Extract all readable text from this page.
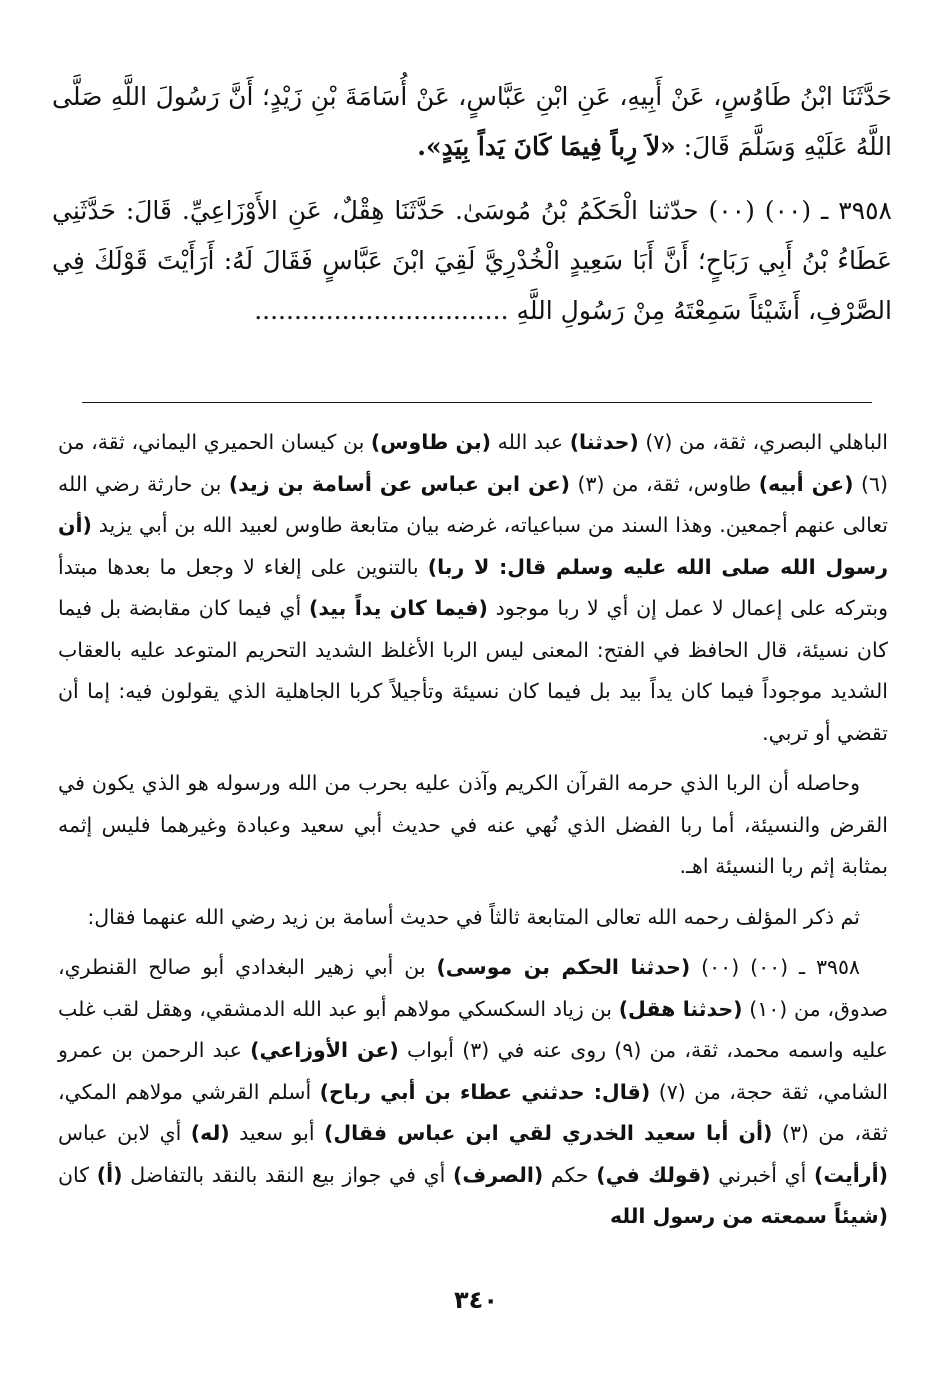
حَدَّثَنَا ابْنُ طَاوُسٍ، عَنْ أَبِيهِ، عَنِ ابْنِ عَبَّاسٍ، عَنْ أُسَامَةَ بْنِ زَيْدٍ؛ أَنَّ رَسُولَ اللَّهِ صَلَّى اللَّهُ عَلَيْهِ وَسَلَّمَ قَالَ: «لاَ رِباً فِيمَا كَانَ يَداً بِيَدٍ».

٣٩٥٨ ـ (٠٠) (٠٠) حدّثنا الْحَكَمُ بْنُ مُوسَىٰ. حَدَّثَنَا هِقْلٌ، عَنِ الأَوْزَاعِيِّ. قَالَ: حَدَّثَنِي عَطَاءُ بْنُ أَبِي رَبَاحٍ؛ أَنَّ أَبَا سَعِيدٍ الْخُدْرِيَّ لَقِيَ ابْنَ عَبَّاسٍ فَقَالَ لَهُ: أَرَأَيْتَ قَوْلَكَ فِي الصَّرْفِ، أَشَيْئاً سَمِعْتَهُ مِنْ رَسُولِ اللَّهِ ................................

الباهلي البصري، ثقة، من (٧) (حدثنا) عبد الله (بن طاوس) بن كيسان الحميري اليماني، ثقة، من (٦) (عن أبيه) طاوس، ثقة، من (٣) (عن ابن عباس عن أسامة بن زيد) بن حارثة رضي الله تعالى عنهم أجمعين. وهذا السند من سباعياته، غرضه بيان متابعة طاوس لعبيد الله بن أبي يزيد (أن رسول الله صلى الله عليه وسلم قال: لا ربا) بالتنوين على إلغاء لا وجعل ما بعدها مبتدأ وبتركه على إعمال لا عمل إن أي لا ربا موجود (فيما كان يداً بيد) أي فيما كان مقابضة بل فيما كان نسيئة، قال الحافظ في الفتح: المعنى ليس الربا الأغلظ الشديد التحريم المتوعد عليه بالعقاب الشديد موجوداً فيما كان يداً بيد بل فيما كان نسيئة وتأجيلاً كربا الجاهلية الذي يقولون فيه: إما أن تقضي أو تربي.

وحاصله أن الربا الذي حرمه القرآن الكريم وآذن عليه بحرب من الله ورسوله هو الذي يكون في القرض والنسيئة، أما ربا الفضل الذي نُهي عنه في حديث أبي سعيد وعبادة وغيرهما فليس إثمه بمثابة إثم ربا النسيئة اهـ.

ثم ذكر المؤلف رحمه الله تعالى المتابعة ثالثاً في حديث أسامة بن زيد رضي الله عنهما فقال:

٣٩٥٨ ـ (٠٠) (٠٠) (حدثنا الحكم بن موسى) بن أبي زهير البغدادي أبو صالح القنطري، صدوق، من (١٠) (حدثنا هقل) بن زياد السكسكي مولاهم أبو عبد الله الدمشقي، وهقل لقب غلب عليه واسمه محمد، ثقة، من (٩) روى عنه في (٣) أبواب (عن الأوزاعي) عبد الرحمن بن عمرو الشامي، ثقة حجة، من (٧) (قال: حدثني عطاء بن أبي رباح) أسلم القرشي مولاهم المكي، ثقة، من (٣) (أن أبا سعيد الخدري لقي ابن عباس فقال) أبو سعيد (له) أي لابن عباس (أرأيت) أي أخبرني (قولك في) حكم (الصرف) أي في جواز بيع النقد بالنقد بالتفاضل (أ) كان (شيئاً سمعته من رسول الله

٣٤٠
